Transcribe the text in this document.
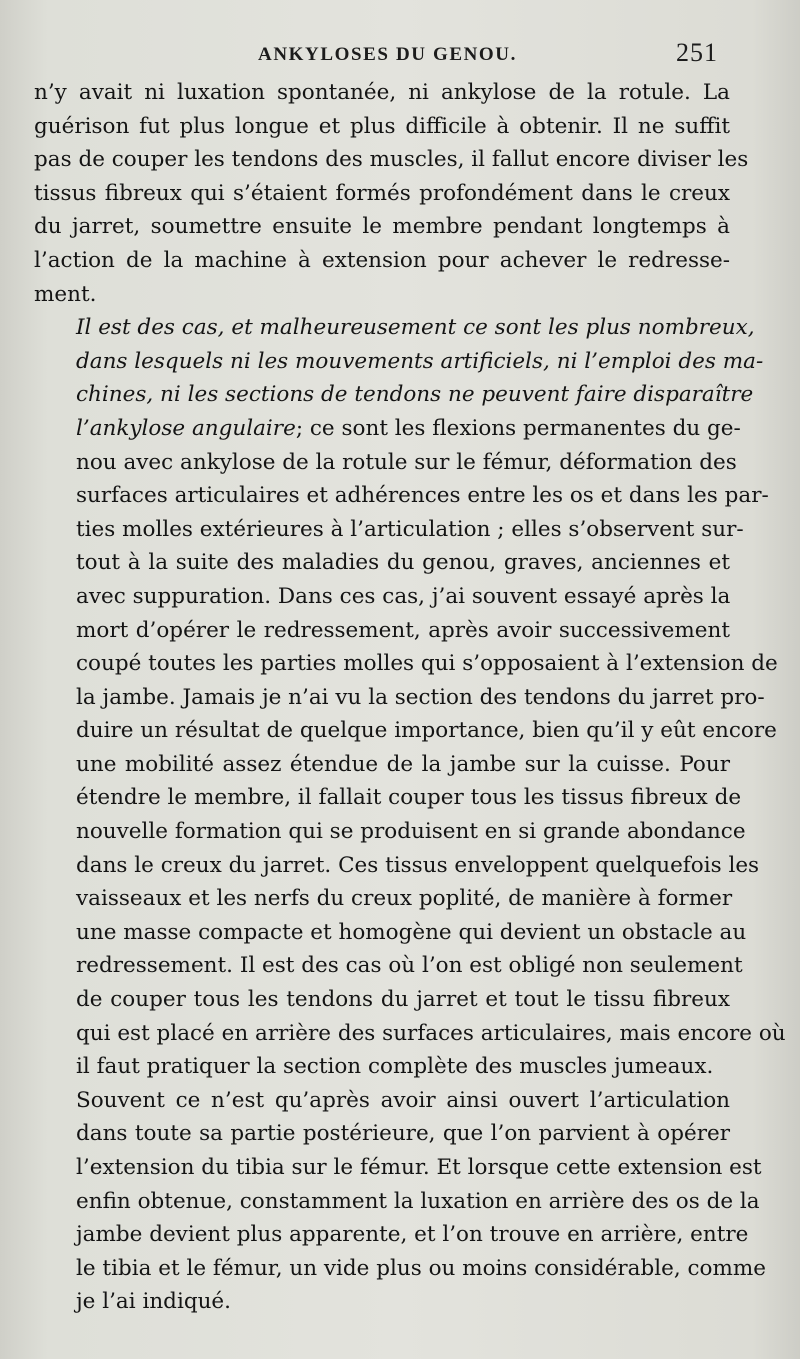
ANKYLOSES DU GENOU.	251
n’y avait ni luxation spontanée, ni ankylose de la rotule. La
guérison fut plus longue et plus difficile à obtenir. Il ne suffit
pas de couper les tendons des muscles, il fallut encore diviser les
tissus fibreux qui s’étaient formés profondément dans le creux
du jarret, soumettre ensuite le membre pendant longtemps à
l’action de la machine à extension pour achever le redresse-
ment.
Il est des cas, et malheureusement ce sont les plus nombreux,
dans lesquels ni les mouvements artificiels, ni l’emploi des ma-
chines, ni les sections de tendons ne peuvent faire disparaître
l’ankylose angulaire; ce sont les flexions permanentes du ge-
nou avec ankylose de la rotule sur le fémur, déformation des
surfaces articulaires et adhérences entre les os et dans les par-
ties molles extérieures à l’articulation ; elles s’observent sur-
tout à la suite des maladies du genou, graves, anciennes et
avec suppuration. Dans ces cas, j’ai souvent essayé après la
mort d’opérer le redressement, après avoir successivement
coupé toutes les parties molles qui s’opposaient à l’extension de
la jambe. Jamais je n’ai vu la section des tendons du jarret pro-
duire un résultat de quelque importance, bien qu’il y eût encore
une mobilité assez étendue de la jambe sur la cuisse. Pour
étendre le membre, il fallait couper tous les tissus fibreux de
nouvelle formation qui se produisent en si grande abondance
dans le creux du jarret. Ces tissus enveloppent quelquefois les
vaisseaux et les nerfs du creux poplité, de manière à former
une masse compacte et homogène qui devient un obstacle au
redressement. Il est des cas où l’on est obligé non seulement
de couper tous les tendons du jarret et tout le tissu fibreux
qui est placé en arrière des surfaces articulaires, mais encore où
il faut pratiquer la section complète des muscles jumeaux.
Souvent ce n’est qu’après avoir ainsi ouvert l’articulation
dans toute sa partie postérieure, que l’on parvient à opérer
l’extension du tibia sur le fémur. Et lorsque cette extension est
enfin obtenue, constamment la luxation en arrière des os de la
jambe devient plus apparente, et l’on trouve en arrière, entre
le tibia et le fémur, un vide plus ou moins considérable, comme
je l’ai indiqué.
